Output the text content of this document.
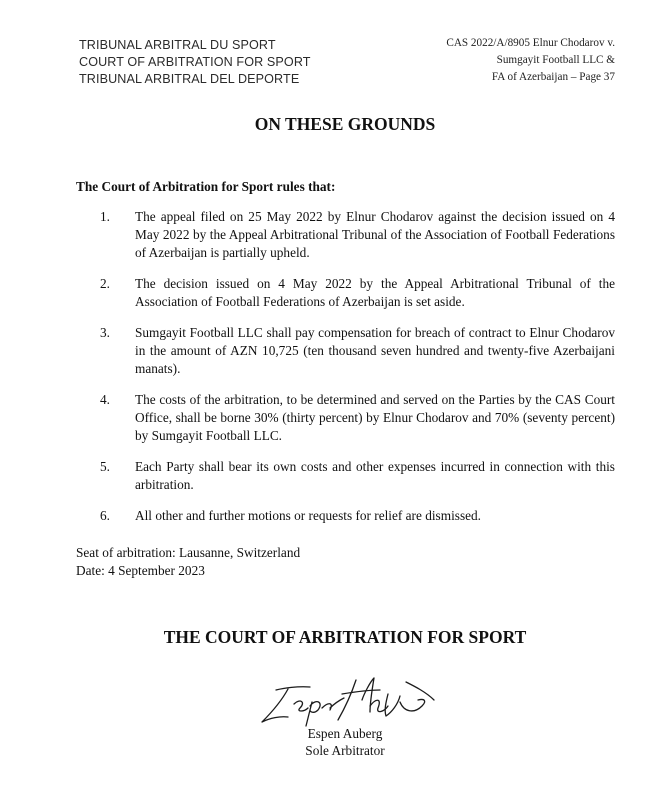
TRIBUNAL ARBITRAL DU SPORT
COURT OF ARBITRATION FOR SPORT
TRIBUNAL ARBITRAL DEL DEPORTE
CAS 2022/A/8905 Elnur Chodarov v.
Sumgayit Football LLC &
FA of Azerbaijan – Page 37
ON THESE GROUNDS
The Court of Arbitration for Sport rules that:
1. The appeal filed on 25 May 2022 by Elnur Chodarov against the decision issued on 4 May 2022 by the Appeal Arbitrational Tribunal of the Association of Football Federations of Azerbaijan is partially upheld.
2. The decision issued on 4 May 2022 by the Appeal Arbitrational Tribunal of the Association of Football Federations of Azerbaijan is set aside.
3. Sumgayit Football LLC shall pay compensation for breach of contract to Elnur Chodarov in the amount of AZN 10,725 (ten thousand seven hundred and twenty-five Azerbaijani manats).
4. The costs of the arbitration, to be determined and served on the Parties by the CAS Court Office, shall be borne 30% (thirty percent) by Elnur Chodarov and 70% (seventy percent) by Sumgayit Football LLC.
5. Each Party shall bear its own costs and other expenses incurred in connection with this arbitration.
6. All other and further motions or requests for relief are dismissed.
Seat of arbitration: Lausanne, Switzerland
Date: 4 September 2023
THE COURT OF ARBITRATION FOR SPORT
Espen Auberg
Sole Arbitrator
